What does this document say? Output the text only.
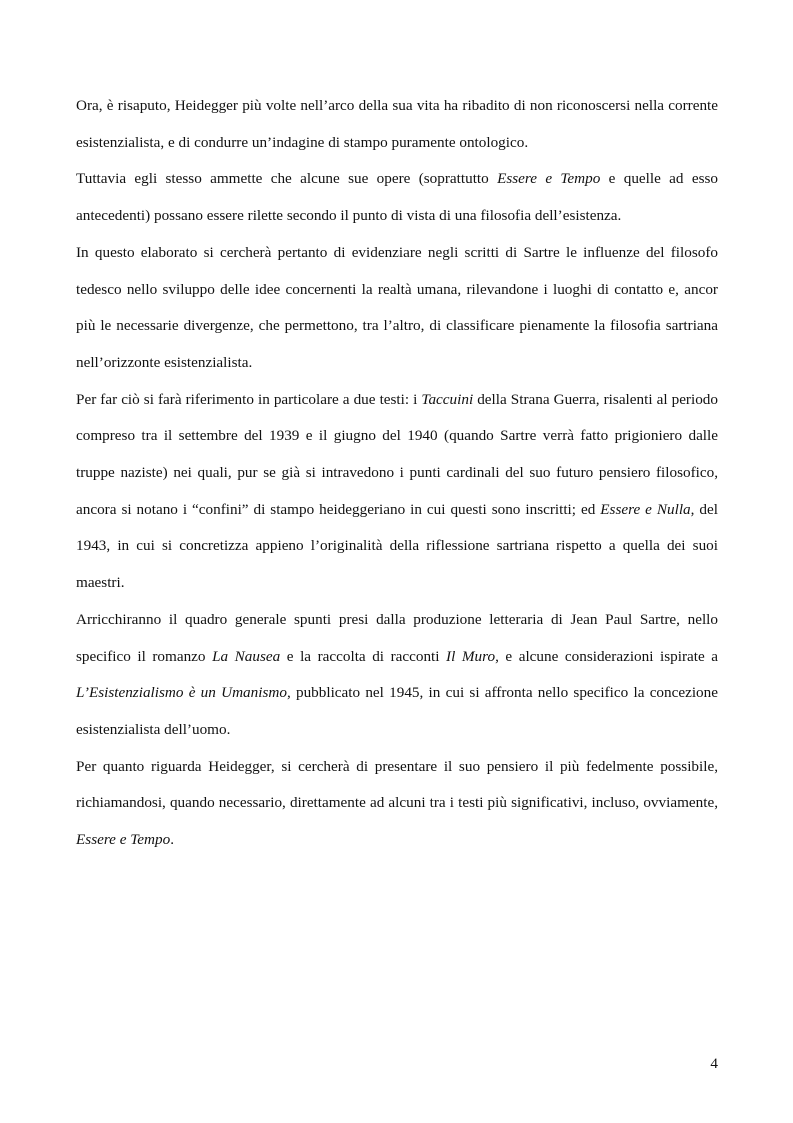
Ora, è risaputo, Heidegger più volte nell’arco della sua vita ha ribadito di non riconoscersi nella corrente esistenzialista, e di condurre un’indagine di stampo puramente ontologico.

Tuttavia egli stesso ammette che alcune sue opere (soprattutto Essere e Tempo e quelle ad esso antecedenti) possano essere rilette secondo il punto di vista di una filosofia dell’esistenza.

In questo elaborato si cercherà pertanto di evidenziare negli scritti di Sartre le influenze del filosofo tedesco nello sviluppo delle idee concernenti la realtà umana, rilevandone i luoghi di contatto e, ancor più le necessarie divergenze, che permettono, tra l’altro, di classificare pienamente la filosofia sartriana nell’orizzonte esistenzialista.

Per far ciò si farà riferimento in particolare a due testi: i Taccuini della Strana Guerra, risalenti al periodo compreso tra il settembre del 1939 e il giugno del 1940 (quando Sartre verrà fatto prigioniero dalle truppe naziste) nei quali, pur se già si intravedono i punti cardinali del suo futuro pensiero filosofico, ancora si notano i “confini” di stampo heideggeriano in cui questi sono inscritti; ed Essere e Nulla, del 1943, in cui si concretizza appieno l’originalità della riflessione sartriana rispetto a quella dei suoi maestri.

Arricchiranno il quadro generale spunti presi dalla produzione letteraria di Jean Paul Sartre, nello specifico il romanzo La Nausea e la raccolta di racconti Il Muro, e alcune considerazioni ispirate a L’Esistenzialismo è un Umanismo, pubblicato nel 1945, in cui si affronta nello specifico la concezione esistenzialista dell’uomo.

Per quanto riguarda Heidegger, si cercherà di presentare il suo pensiero il più fedelmente possibile, richiamandosi, quando necessario, direttamente ad alcuni tra i testi più significativi, incluso, ovviamente, Essere e Tempo.

4
